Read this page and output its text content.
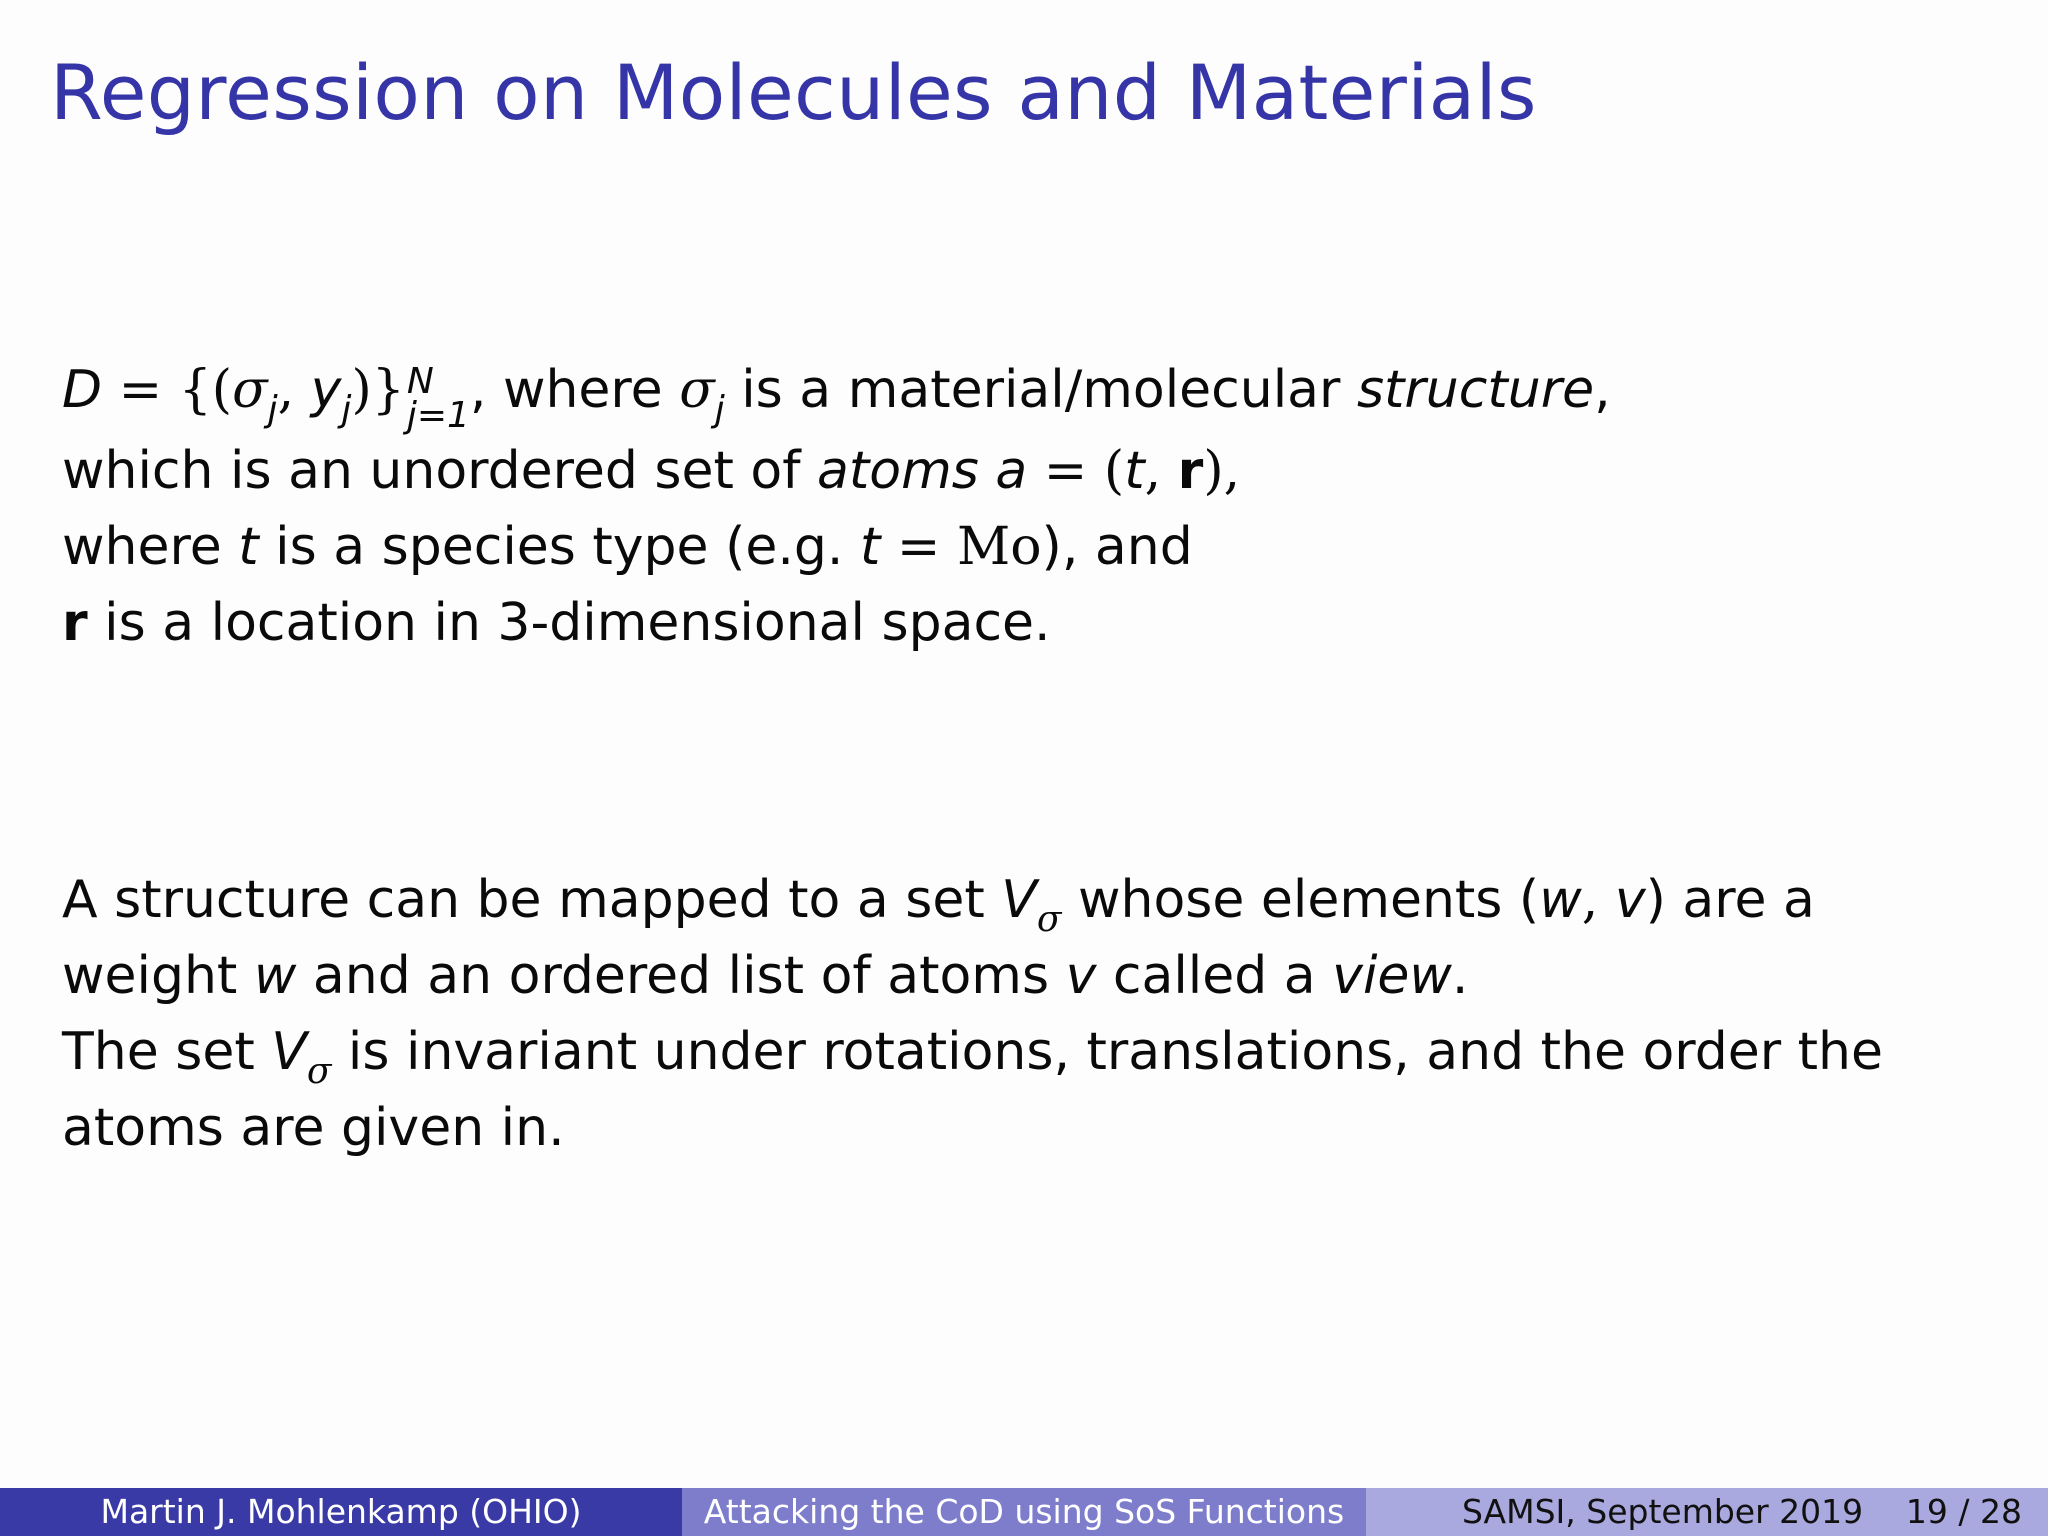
Regression on Molecules and Materials
$D = \{(\sigma_j$, $y_j$)} N
j=1 , where $\sigma_j$ is a material/molecular structure,
which is an unordered set of atoms a = (t, r),
where t is a species type (e.g. t = Mo), and
r is a location in 3-dimensional space.
A structure can be mapped to a set $V_\sigma$ whose elements (w, v) are a
weight w and an ordered list of atoms v called a view.
The set $V_\sigma$ is invariant under rotations, translations, and the order the
atoms are given in.
Martin J. Mohlenkamp (OHIO)	Attacking the CoD using SoS Functions	SAMSI, September 2019 19 / 28
